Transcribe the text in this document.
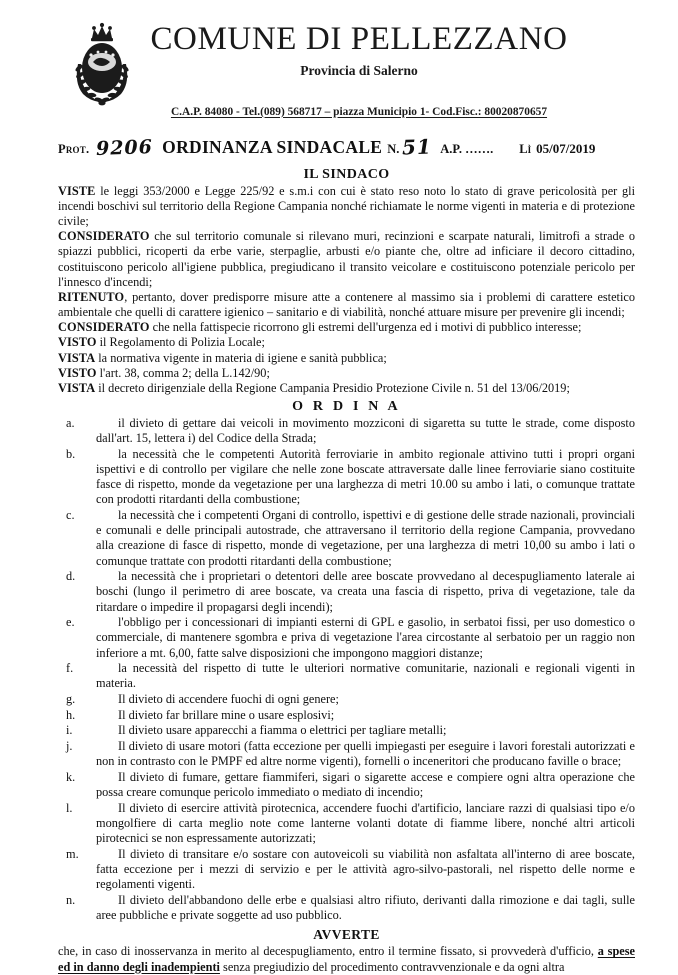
COMUNE DI PELLEZZANO
Provincia di Salerno
C.A.P. 84080 - Tel.(089) 568717 – piazza Municipio 1- Cod.Fisc.: 80020870657
Prot. 9206 ORDINANZA SINDACALE N. 51 A.P. ……. Lì 05/07/2019
IL SINDACO

VISTE le leggi 353/2000 e Legge 225/92 e s.m.i con cui è stato reso noto lo stato di grave pericolosità per gli incendi boschivi sul territorio della Regione Campania nonché richiamate le norme vigenti in materia e di protezione civile;

CONSIDERATO che sul territorio comunale si rilevano muri, recinzioni e scarpate naturali, limitrofi a strade o spiazzi pubblici, ricoperti da erbe varie, sterpaglie, arbusti e/o piante che, oltre ad inficiare il decoro cittadino, costituiscono pericolo all'igiene pubblica, pregiudicano il transito veicolare e costituiscono potenziale pericolo per l'innesco d'incendi;

RITENUTO, pertanto, dover predisporre misure atte a contenere al massimo sia i problemi di carattere estetico ambientale che quelli di carattere igienico – sanitario e di viabilità, nonché attuare misure per prevenire gli incendi;

CONSIDERATO che nella fattispecie ricorrono gli estremi dell'urgenza ed i motivi di pubblico interesse;

VISTO il Regolamento di Polizia Locale;

VISTA la normativa vigente in materia di igiene e sanità pubblica;

VISTO l'art. 38, comma 2; della L.142/90;

VISTA il decreto dirigenziale della Regione Campania Presidio Protezione Civile n. 51 del 13/06/2019;

O R D I N A
a.	il divieto di gettare dai veicoli in movimento mozziconi di sigaretta su tutte le strade, come disposto dall'art. 15, lettera i) del Codice della Strada;
b.	la necessità che le competenti Autorità ferroviarie in ambito regionale attivino tutti i propri organi ispettivi e di controllo per vigilare che nelle zone boscate attraversate dalle linee ferroviarie siano costituite fasce di rispetto, monde da vegetazione per una larghezza di metri 10.00 su ambo i lati, o comunque trattate con prodotti ritardanti della combustione;
c.	la necessità che i competenti Organi di controllo, ispettivi e di gestione delle strade nazionali, provinciali e comunali e delle principali autostrade, che attraversano il territorio della regione Campania, provvedano alla creazione di fasce di rispetto, monde di vegetazione, per una larghezza di metri 10,00 su ambo i lati o comunque trattate con prodotti ritardanti della combustione;
d.	la necessità che i proprietari o detentori delle aree boscate provvedano al decespugliamento laterale ai boschi (lungo il perimetro di aree boscate, va creata una fascia di rispetto, priva di vegetazione, tale da ritardare o impedire il propagarsi degli incendi);
e.	l'obbligo per i concessionari di impianti esterni di GPL e gasolio, in serbatoi fissi, per uso domestico o commerciale, di mantenere sgombra e priva di vegetazione l'area circostante al serbatoio per un raggio non inferiore a mt. 6,00, fatte salve disposizioni che impongono maggiori distanze;
f.	la necessità del rispetto di tutte le ulteriori normative comunitarie, nazionali e regionali vigenti in materia.
g.	Il divieto di accendere fuochi di ogni genere;
h.	Il divieto far brillare mine o usare esplosivi;
i.	Il divieto usare apparecchi a fiamma o elettrici per tagliare metalli;
j.	Il divieto di usare motori (fatta eccezione per quelli impiegasti per eseguire i lavori forestali autorizzati e non in contrasto con le PMPF ed altre norme vigenti), fornelli o inceneritori che producano faville o brace;
k.	Il divieto di fumare, gettare fiammiferi, sigari o sigarette accese e compiere ogni altra operazione che possa creare comunque pericolo immediato o mediato di incendio;
l.	Il divieto di esercire attività pirotecnica, accendere fuochi d'artificio, lanciare razzi di qualsiasi tipo e/o mongolfiere di carta meglio note come lanterne volanti dotate di fiamme libere, nonché altri articoli pirotecnici se non espressamente autorizzati;
m.	Il divieto di transitare e/o sostare con autoveicoli su viabilità non asfaltata all'interno di aree boscate, fatta eccezione per i mezzi di servizio e per le attività agro-silvo-pastorali, nel rispetto delle norme e regolamenti vigenti.
n.	Il divieto dell'abbandono delle erbe e qualsiasi altro rifiuto, derivanti dalla rimozione e dai tagli, sulle aree pubbliche e private soggette ad uso pubblico.
AVVERTE

che, in caso di inosservanza in merito al decespugliamento, entro il termine fissato, si provvederà d'ufficio, a spese ed in danno degli inadempienti senza pregiudizio del procedimento contravvenzionale e da ogni altra
